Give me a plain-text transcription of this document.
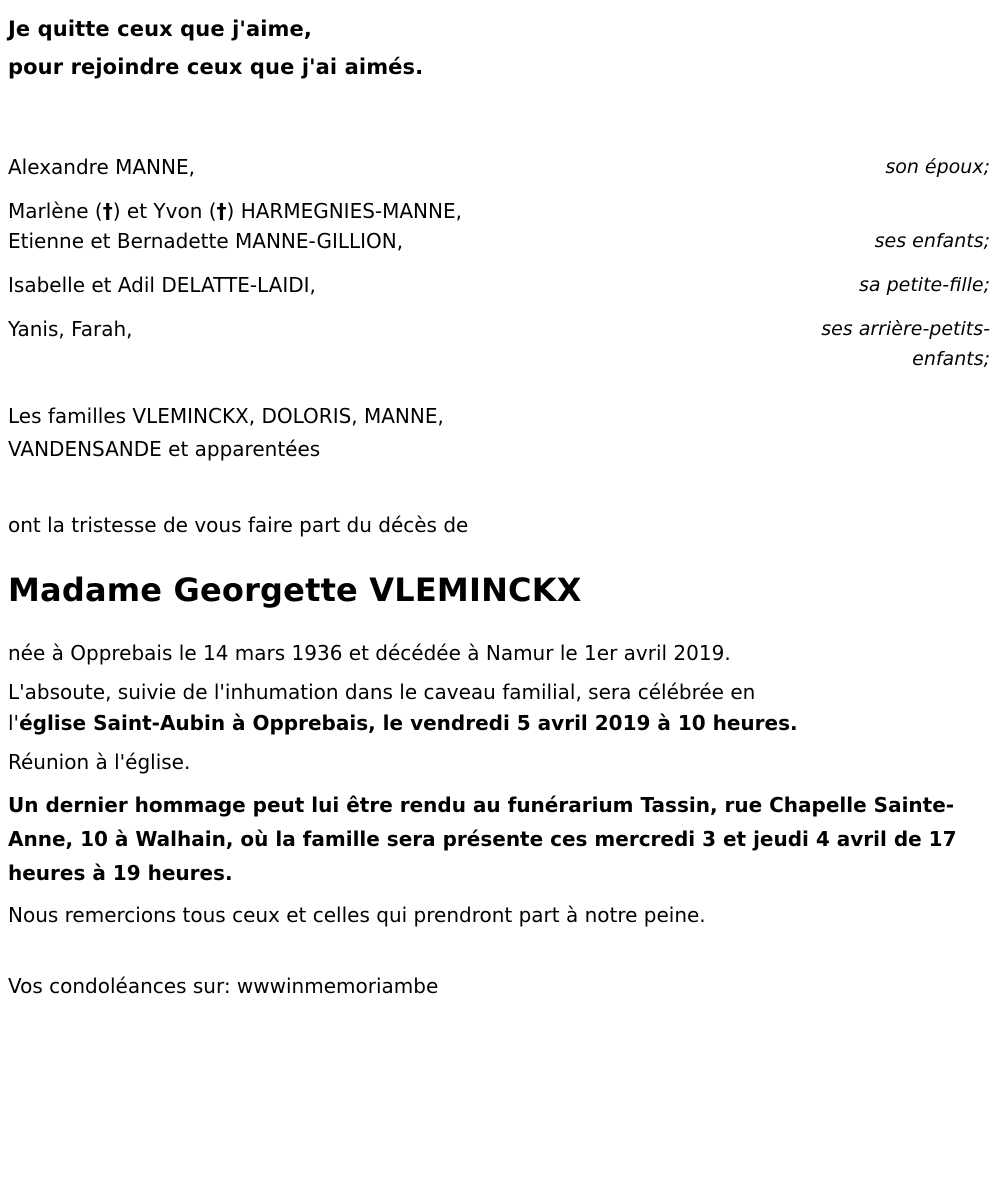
Je quitte ceux que j'aime,
pour rejoindre ceux que j'ai aimés.
Alexandre MANNE,	son époux;
Marlène (†) et Yvon (†) HARMEGNIES-MANNE,
Etienne et Bernadette MANNE-GILLION,	ses enfants;
Isabelle et Adil DELATTE-LAIDI,	sa petite-fille;
Yanis, Farah,	ses arrière-petits-enfants;
Les familles VLEMINCKX, DOLORIS, MANNE,
VANDENSANDE et apparentées
ont la tristesse de vous faire part du décès de
Madame Georgette VLEMINCKX
née à Opprebais le 14 mars 1936 et décédée à Namur le 1er avril 2019.
L'absoute, suivie de l'inhumation dans le caveau familial, sera célébrée en
l'église Saint-Aubin à Opprebais, le vendredi 5 avril 2019 à 10 heures.
Réunion à l'église.
Un dernier hommage peut lui être rendu au funérarium Tassin, rue Chapelle Sainte-Anne, 10 à Walhain, où la famille sera présente ces mercredi 3 et jeudi 4 avril de 17 heures à 19 heures.
Nous remercions tous ceux et celles qui prendront part à notre peine.
Vos condoléances sur: wwwinmemoriambe
